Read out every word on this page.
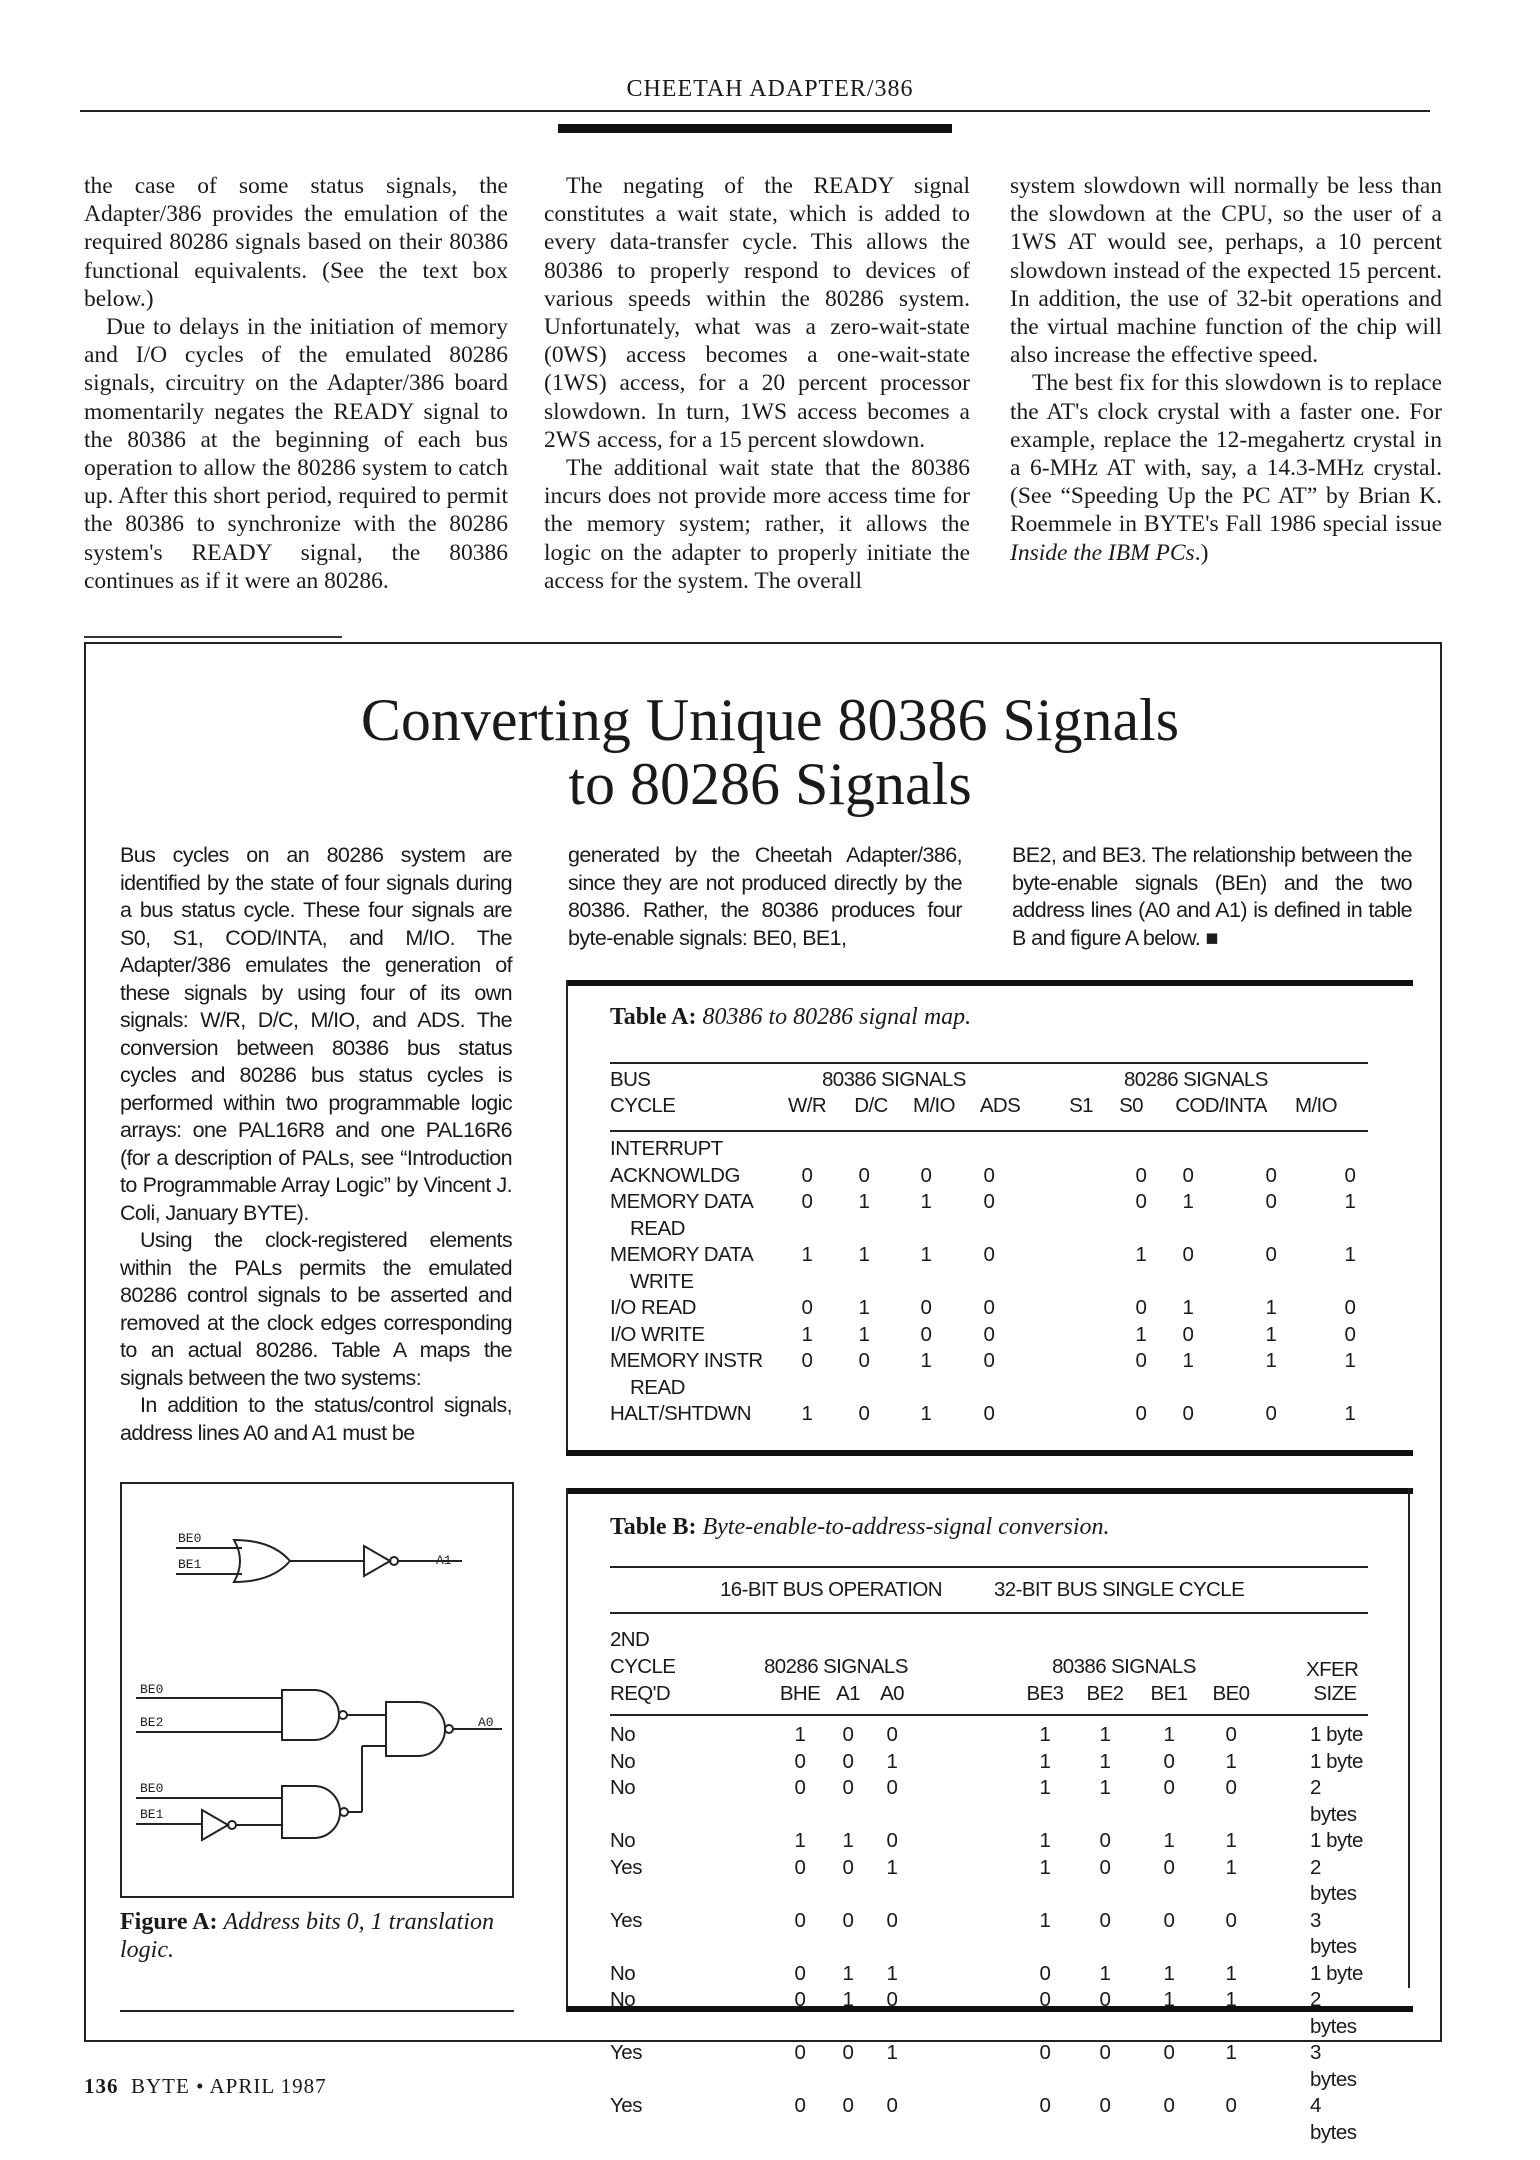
CHEETAH ADAPTER/386

the case of some status signals, the Adapter/386 provides the emulation of the required 80286 signals based on their 80386 functional equivalents. (See the text box below.)

Due to delays in the initiation of memory and I/O cycles of the emulated 80286 signals, circuitry on the Adapter/386 board momentarily negates the READY signal to the 80386 at the beginning of each bus operation to allow the 80286 system to catch up. After this short period, required to permit the 80386 to synchronize with the 80286 system's READY signal, the 80386 continues as if it were an 80286.

The negating of the READY signal constitutes a wait state, which is added to every data-transfer cycle. This allows the 80386 to properly respond to devices of various speeds within the 80286 system. Unfortunately, what was a zero-wait-state (0WS) access becomes a one-wait-state (1WS) access, for a 20 percent processor slowdown. In turn, 1WS access becomes a 2WS access, for a 15 percent slowdown.

The additional wait state that the 80386 incurs does not provide more access time for the memory system; rather, it allows the logic on the adapter to properly initiate the access for the system. The overall

system slowdown will normally be less than the slowdown at the CPU, so the user of a 1WS AT would see, perhaps, a 10 percent slowdown instead of the expected 15 percent. In addition, the use of 32-bit operations and the virtual machine function of the chip will also increase the effective speed.

The best fix for this slowdown is to replace the AT's clock crystal with a faster one. For example, replace the 12-megahertz crystal in a 6-MHz AT with, say, a 14.3-MHz crystal. (See “Speeding Up the PC AT” by Brian K. Roemmele in BYTE's Fall 1986 special issue Inside the IBM PCs.)

Converting Unique 80386 Signals
to 80286 Signals

Bus cycles on an 80286 system are identified by the state of four signals during a bus status cycle. These four signals are S0, S1, COD/INTA, and M/IO. The Adapter/386 emulates the generation of these signals by using four of its own signals: W/R, D/C, M/IO, and ADS. The conversion between 80386 bus status cycles and 80286 bus status cycles is performed within two programmable logic arrays: one PAL16R8 and one PAL16R6 (for a description of PALs, see “Introduction to Programmable Array Logic” by Vincent J. Coli, January BYTE).

Using the clock-registered elements within the PALs permits the emulated 80286 control signals to be asserted and removed at the clock edges corresponding to an actual 80286. Table A maps the signals between the two systems:

In addition to the status/control signals, address lines A0 and A1 must be

generated by the Cheetah Adapter/386, since they are not produced directly by the 80386. Rather, the 80386 produces four byte-enable signals: BE0, BE1,

BE2, and BE3. The relationship between the byte-enable signals (BEn) and the two address lines (A0 and A1) is defined in table B and figure A below. ■

Table A: 80386 to 80286 signal map.
BUS	80386 SIGNALS	80286 SIGNALS
CYCLE	W/R	D/C	M/IO	ADS	S1 S0	COD/INTA	M/IO
INTERRUPT									
ACKNOWLDG	0	0	0	0		0	0	0	0
MEMORY DATA	0	1	1	0		0	1	0	1
READ									
MEMORY DATA	1	1	1	0		1	0	0	1
WRITE									
I/O READ	0	1	0	0		0	1	1	0
I/O WRITE	1	1	0	0		1	0	1	0
MEMORY INSTR	0	0	1	0		0	1	1	1
READ									
HALT/SHTDWN	1	0	1	0		0	0	0	1
Table B: Byte-enable-to-address-signal conversion.
16-BIT BUS OPERATION	32-BIT BUS SINGLE CYCLE
2ND
CYCLE	80286 SIGNALS	80386 SIGNALS	XFER
REQ'D	BHE A1 A0	BE3	BE2	BE1	BE0	SIZE
No	1		0		0		1		1		1		0		1 byte
No	0		0		1		1		1		0		1		1 byte
No	0		0		0		1		1		0		0		2 bytes
No	1		1		0		1		0		1		1		1 byte
Yes	0		0		1		1		0		0		1		2 bytes
Yes	0		0		0		1		0		0		0		3 bytes
No	0		1		1		0		1		1		1		1 byte
No	0		1		0		0		0		1		1		2 bytes
Yes	0		0		1		0		0		0		1		3 bytes
Yes	0		0		0		0		0		0		0		4 bytes
BE0
BE1	A1
BE0
BE2	A0
BE0
BE1
Figure A: Address bits 0, 1 translation logic.
136 BYTE • APRIL 1987
